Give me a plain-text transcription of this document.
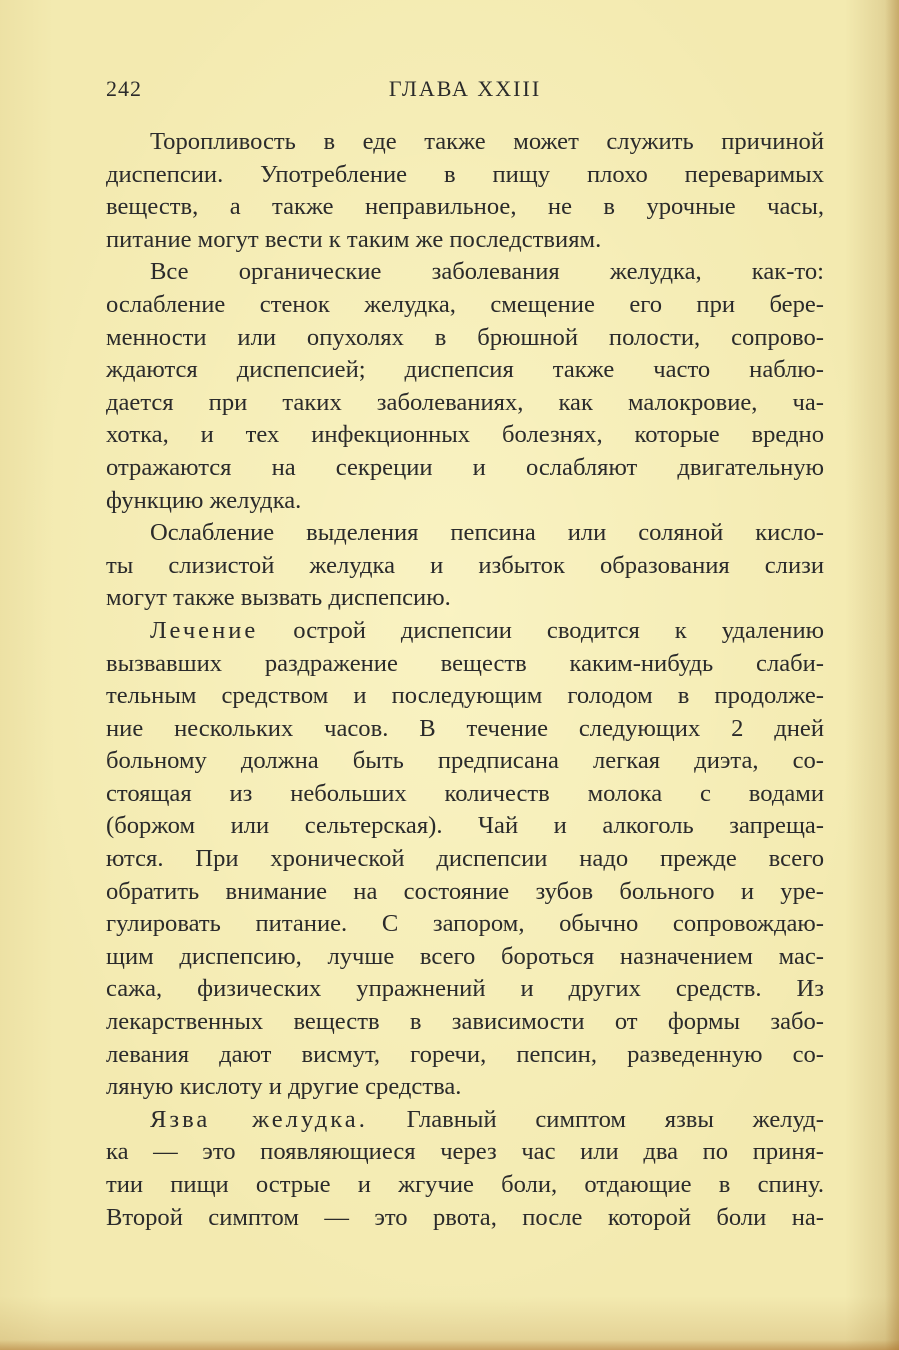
242	ГЛАВА XXIII
Торопливость в еде также может служить причиной
диспепсии. Употребление в пищу плохо переваримых
веществ, а также неправильное, не в урочные часы,
питание могут вести к таким же последствиям.
Все органические заболевания желудка, как-то:
ослабление стенок желудка, смещение его при бере-
менности или опухолях в брюшной полости, сопрово-
ждаются диспепсией; диспепсия также часто наблю-
дается при таких заболеваниях, как малокровие, ча-
хотка, и тех инфекционных болезнях, которые вредно
отражаются на секреции и ослабляют двигательную
функцию желудка.
Ослабление выделения пепсина или соляной кисло-
ты слизистой желудка и избыток образования слизи
могут также вызвать диспепсию.
Лечение острой диспепсии сводится к удалению
вызвавших раздражение веществ каким-нибудь слаби-
тельным средством и последующим голодом в продолже-
ние нескольких часов. В течение следующих 2 дней
больному должна быть предписана легкая диэта, со-
стоящая из небольших количеств молока с водами
(боржом или сельтерская). Чай и алкоголь запреща-
ются. При хронической диспепсии надо прежде всего
обратить внимание на состояние зубов больного и уре-
гулировать питание. С запором, обычно сопровождаю-
щим диспепсию, лучше всего бороться назначением мас-
сажа, физических упражнений и других средств. Из
лекарственных веществ в зависимости от формы забо-
левания дают висмут, горечи, пепсин, разведенную со-
ляную кислоту и другие средства.
Язва желудка. Главный симптом язвы желуд-
ка — это появляющиеся через час или два по приня-
тии пищи острые и жгучие боли, отдающие в спину.
Второй симптом — это рвота, после которой боли на-
